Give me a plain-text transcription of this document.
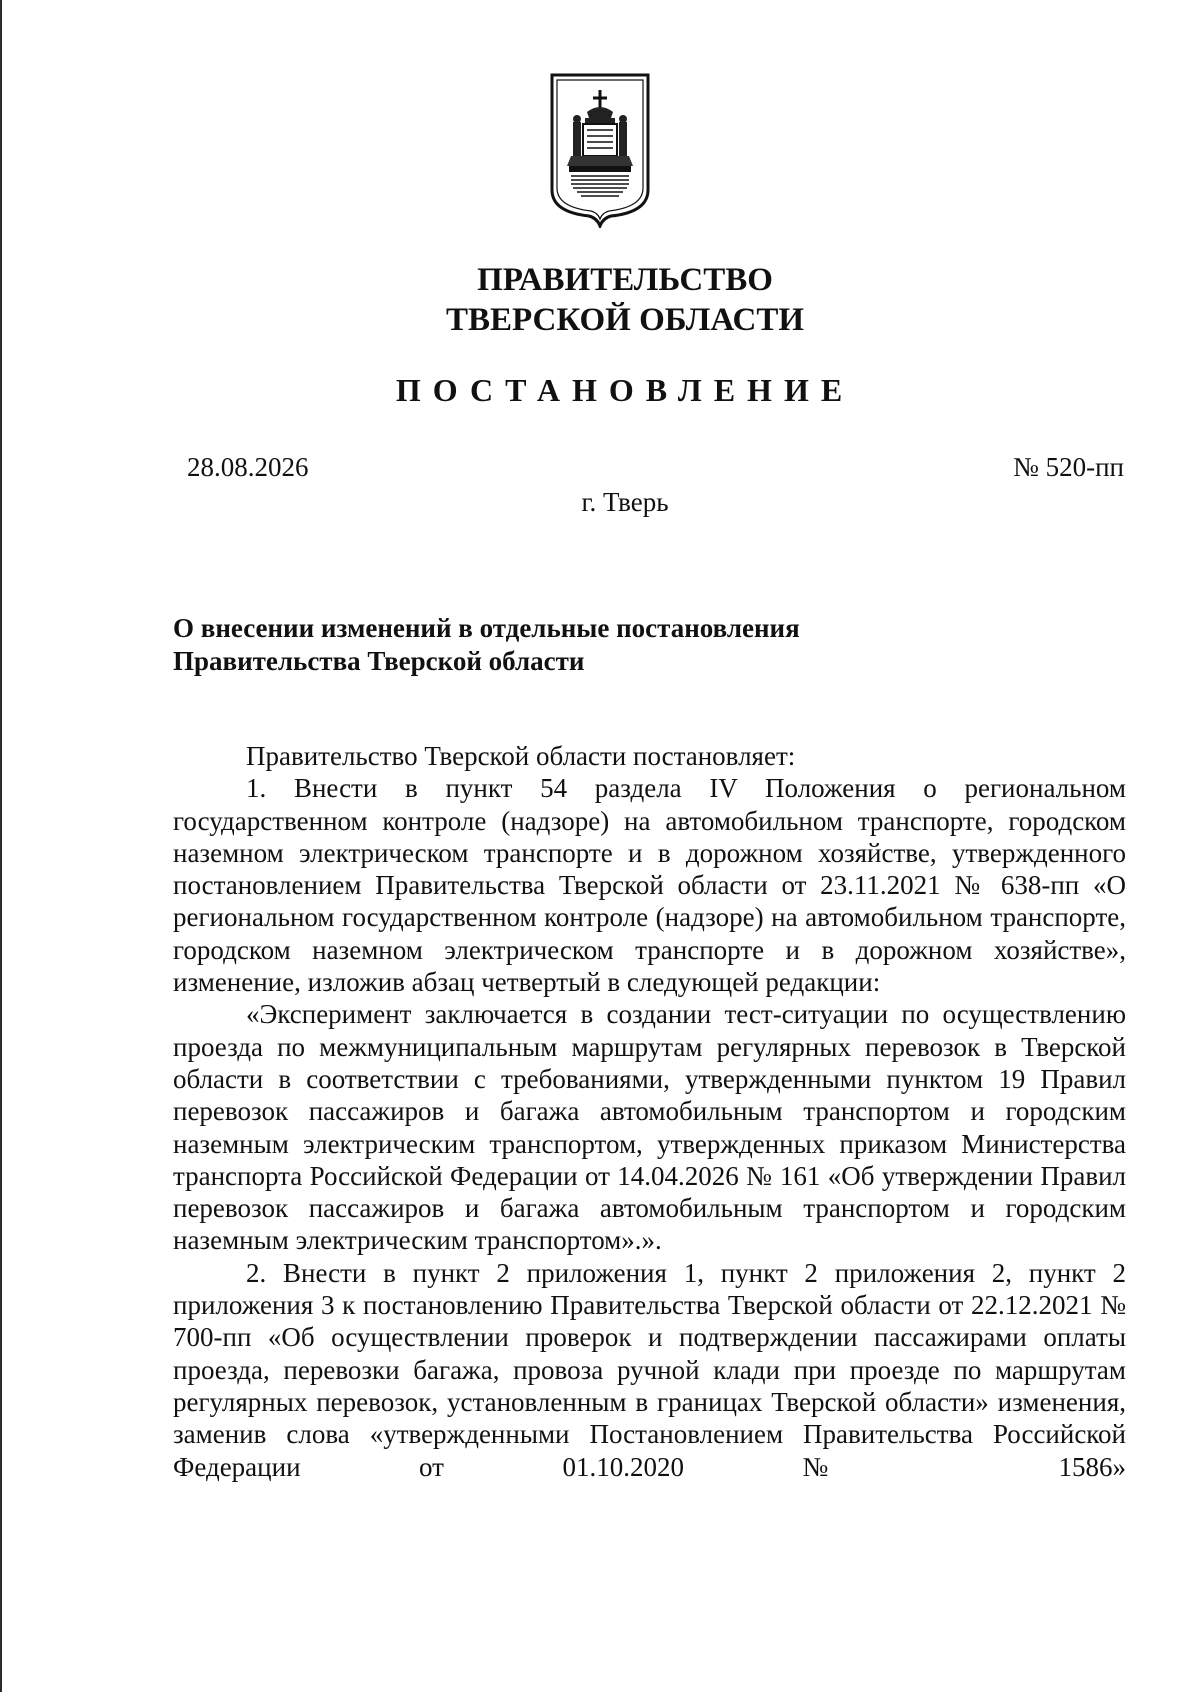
ПРАВИТЕЛЬСТВО
ТВЕРСКОЙ ОБЛАСТИ
ПОСТАНОВЛЕНИЕ
28.08.2026	№ 520-пп
г. Тверь
О внесении изменений в отдельные постановления
Правительства Тверской области
Правительство Тверской области постановляет:

1. Внести в пункт 54 раздела IV Положения о региональном государственном контроле (надзоре) на автомобильном транспорте, городском наземном электрическом транспорте и в дорожном хозяйстве, утвержденного постановлением Правительства Тверской области от 23.11.2021 № 638-пп «О региональном государственном контроле (надзоре) на автомобильном транспорте, городском наземном электрическом транспорте и в дорожном хозяйстве», изменение, изложив абзац четвертый в следующей редакции:

«Эксперимент заключается в создании тест-ситуации по осуществлению проезда по межмуниципальным маршрутам регулярных перевозок в Тверской области в соответствии с требованиями, утвержденными пунктом 19 Правил перевозок пассажиров и багажа автомобильным транспортом и городским наземным электрическим транспортом, утвержденных приказом Министерства транспорта Российской Федерации от 14.04.2026 № 161 «Об утверждении Правил перевозок пассажиров и багажа автомобильным транспортом и городским наземным электрическим транспортом».».

2. Внести в пункт 2 приложения 1, пункт 2 приложения 2, пункт 2 приложения 3 к постановлению Правительства Тверской области от 22.12.2021 № 700-пп «Об осуществлении проверок и подтверждении пассажирами оплаты проезда, перевозки багажа, провоза ручной клади при проезде по маршрутам регулярных перевозок, установленным в границах Тверской области» изменения, заменив слова «утвержденными Постановлением Правительства Российской Федерации от 01.10.2020 № 1586»
